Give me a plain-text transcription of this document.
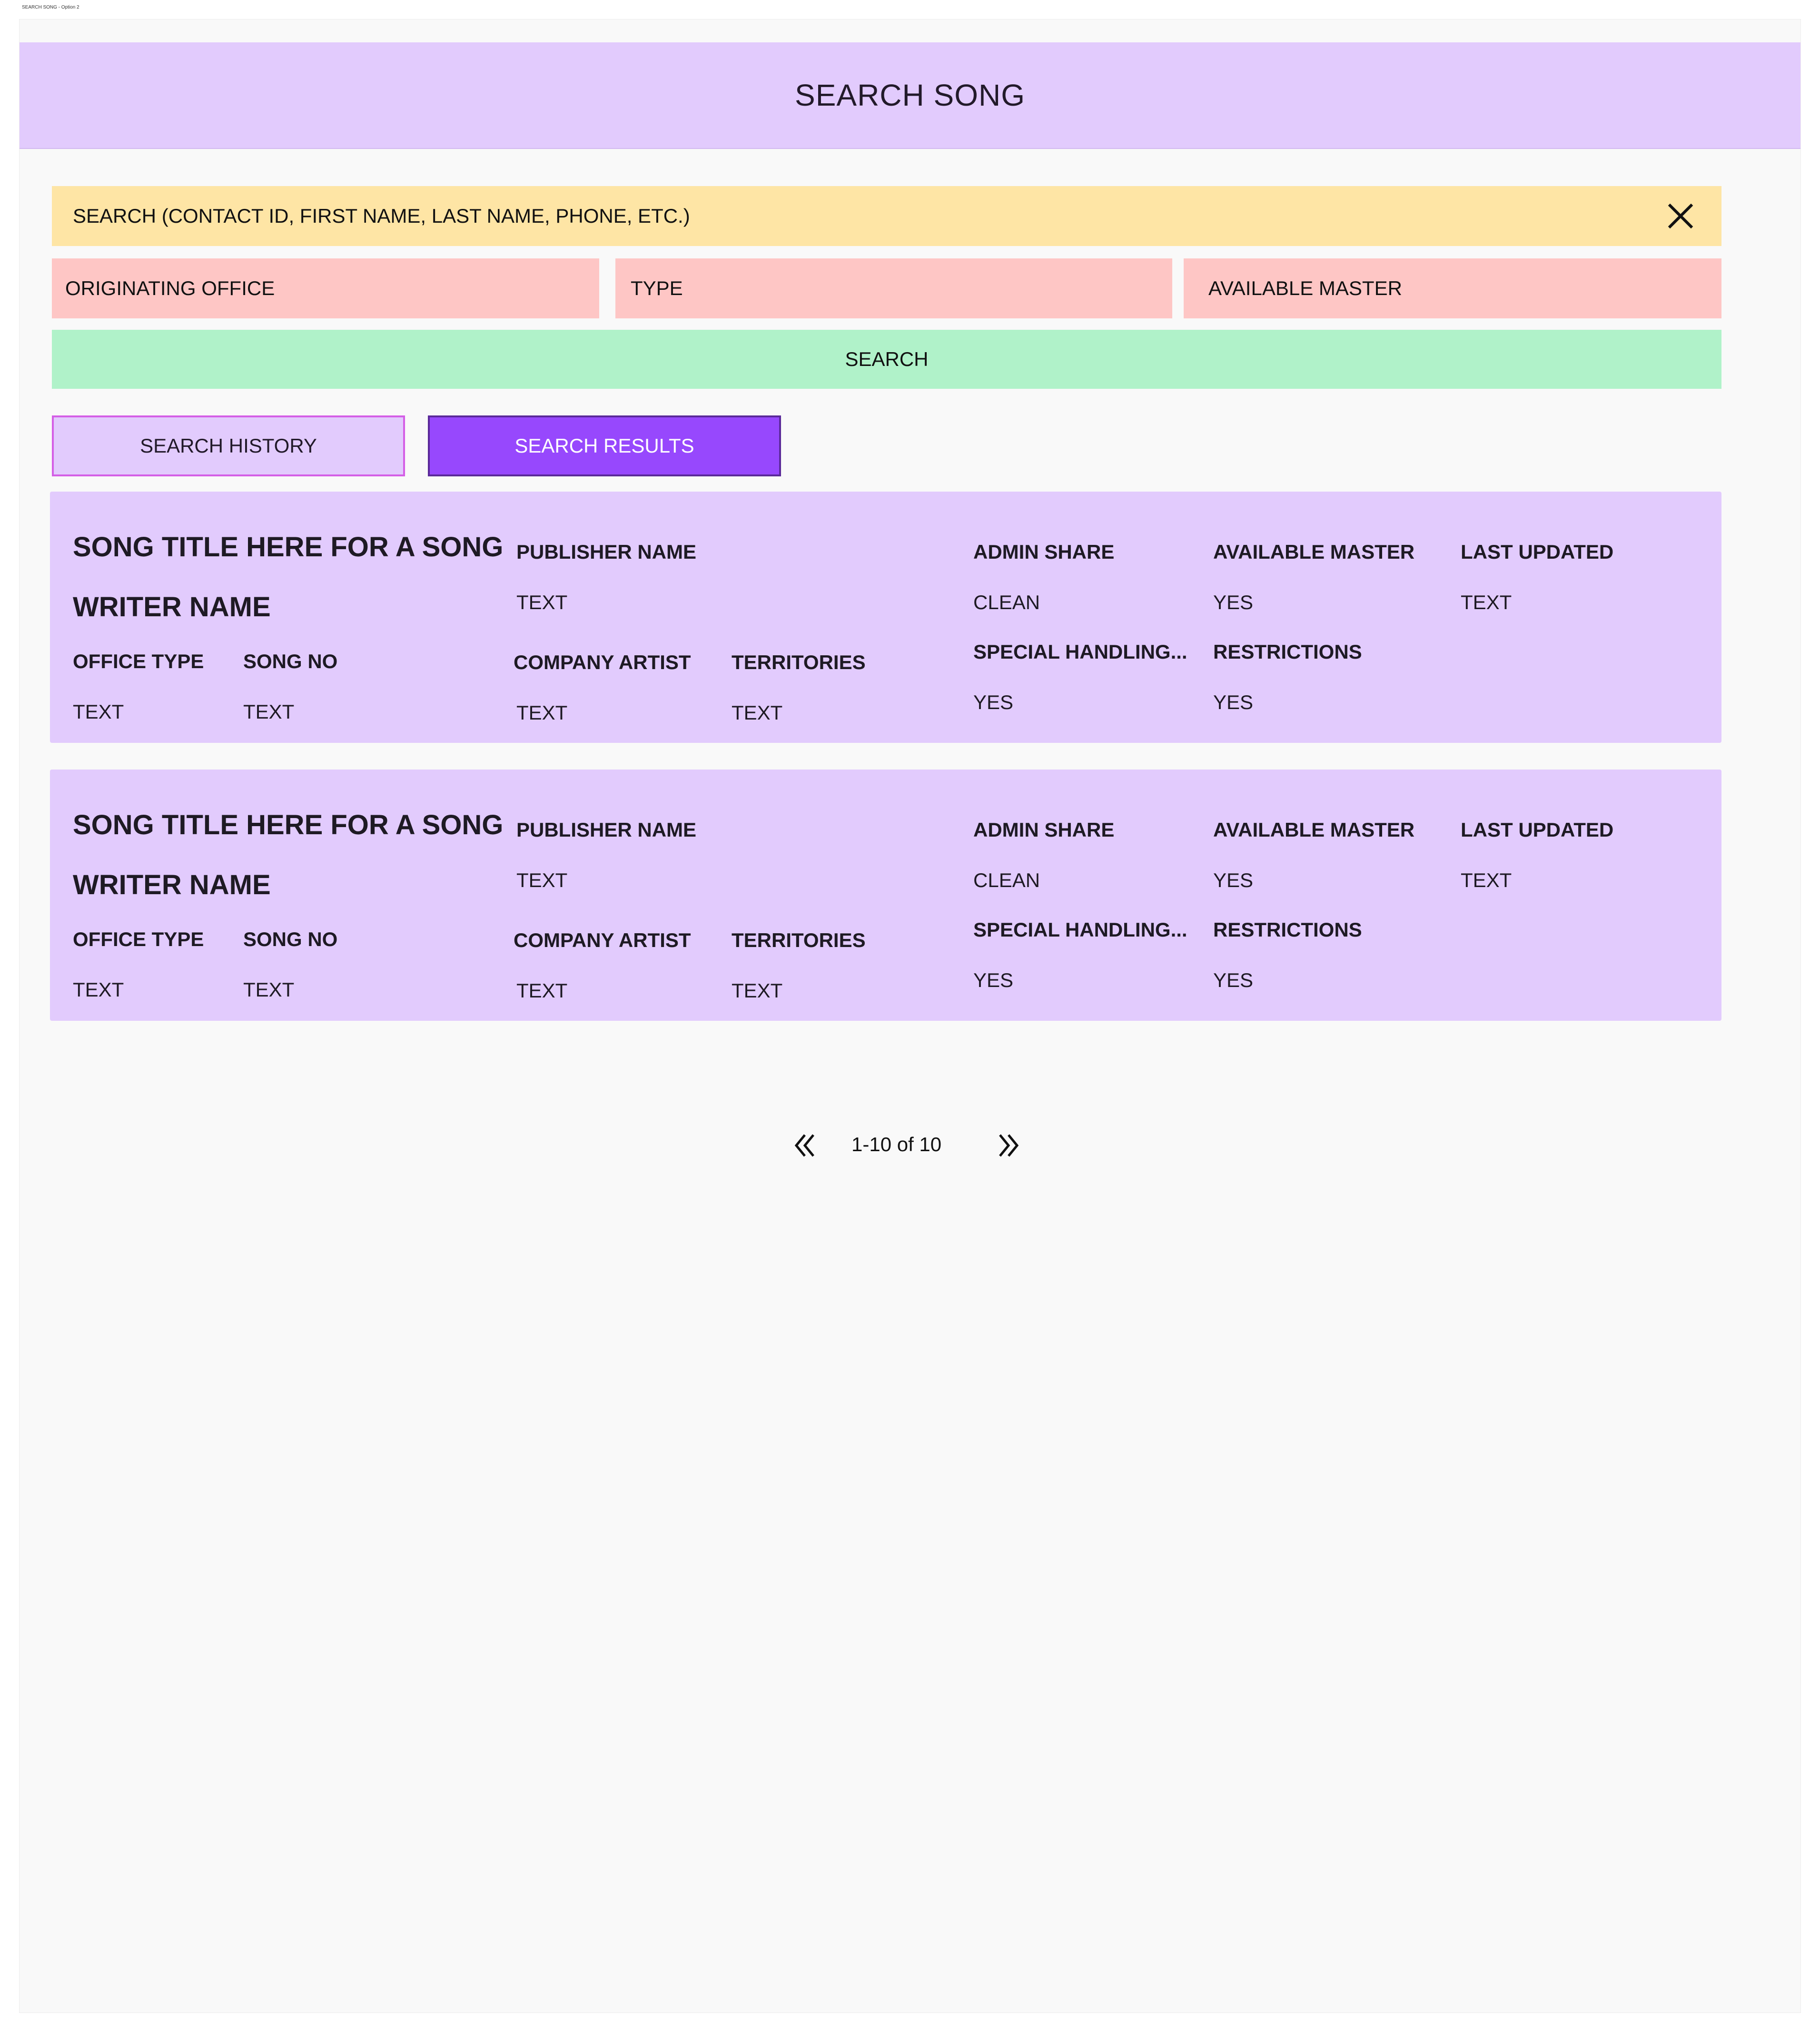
SEARCH SONG - Option 2
SEARCH SONG
SEARCH (CONTACT ID, FIRST NAME, LAST NAME, PHONE, ETC.)
ORIGINATING OFFICE	TYPE	AVAILABLE MASTER
SEARCH
SEARCH HISTORY	SEARCH RESULTS
SONG TITLE HERE FOR A SONG
WRITER NAME
OFFICE TYPE
TEXT
SONG NO
TEXT
PUBLISHER NAME
TEXT
COMPANY ARTIST
TEXT
TERRITORIES
TEXT
ADMIN SHARE
CLEAN
SPECIAL HANDLING...
YES
AVAILABLE MASTER
YES
RESTRICTIONS
YES
LAST UPDATED
TEXT
SONG TITLE HERE FOR A SONG
WRITER NAME
OFFICE TYPE
TEXT
SONG NO
TEXT
PUBLISHER NAME
TEXT
COMPANY ARTIST
TEXT
TERRITORIES
TEXT
ADMIN SHARE
CLEAN
SPECIAL HANDLING...
YES
AVAILABLE MASTER
YES
RESTRICTIONS
YES
LAST UPDATED
TEXT
1-10 of 10
